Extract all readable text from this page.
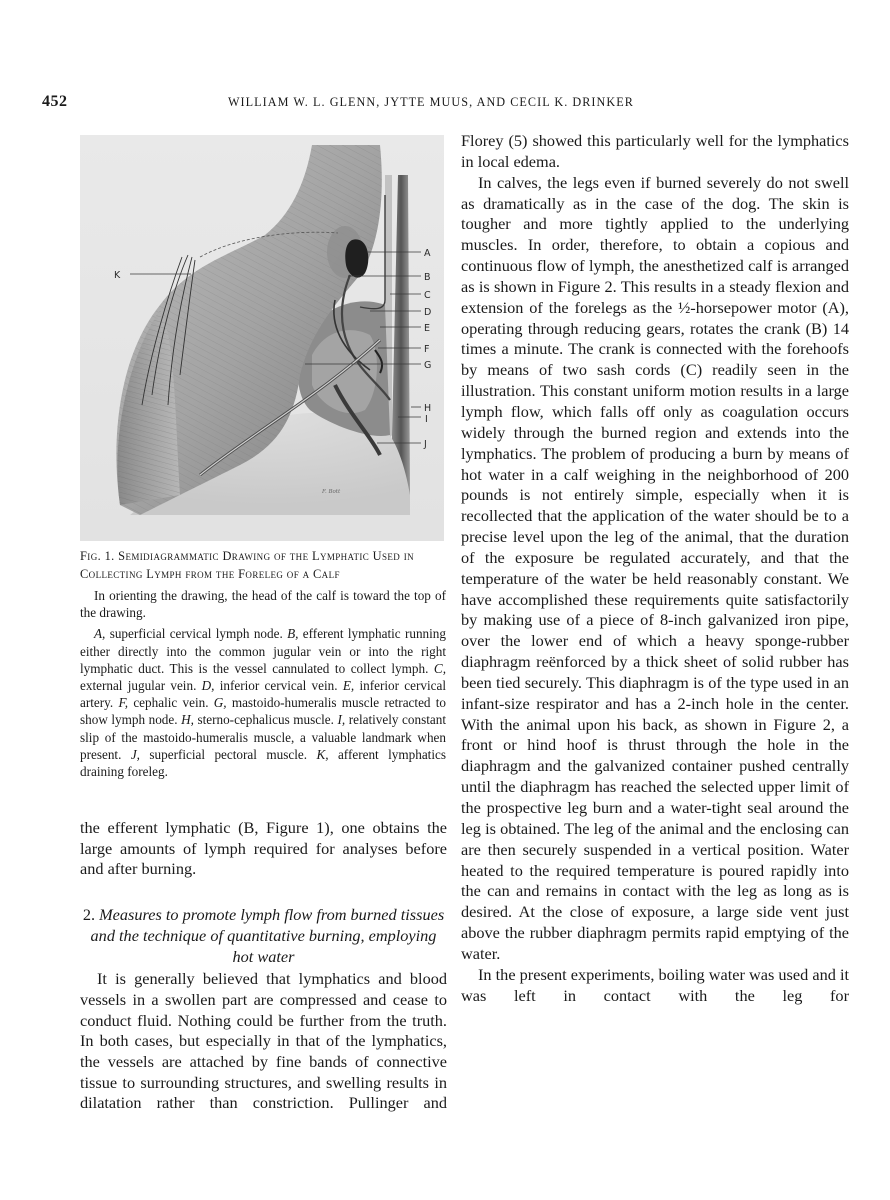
452	WILLIAM W. L. GLENN, JYTTE MUUS, AND CECIL K. DRINKER
A
B
C
D
E
F
G
H
I
J
K
F. Bott
Fig. 1. Semidiagrammatic Drawing of the Lymphatic Used in Collecting Lymph from the Foreleg of a Calf
In orienting the drawing, the head of the calf is toward the top of the drawing.
A, superficial cervical lymph node. B, efferent lymphatic running either directly into the common jugular vein or into the right lymphatic duct. This is the vessel cannulated to collect lymph. C, external jugular vein. D, inferior cervical vein. E, inferior cervical artery. F, cephalic vein. G, mastoido-humeralis muscle retracted to show lymph node. H, sterno-cephalicus muscle. I, relatively constant slip of the mastoido-humeralis muscle, a valuable landmark when present. J, superficial pectoral muscle. K, afferent lymphatics draining foreleg.

the efferent lymphatic (B, Figure 1), one obtains the large amounts of lymph required for analyses before and after burning.

2. Measures to promote lymph flow from burned tissues and the technique of quantitative burning, employing hot water

It is generally believed that lymphatics and blood vessels in a swollen part are compressed and cease to conduct fluid. Nothing could be further from the truth. In both cases, but especially in that of the lymphatics, the vessels are attached by fine bands of connective tissue to surrounding structures, and swelling results in dilatation rather than constriction. Pullinger and

Florey (5) showed this particularly well for the lymphatics in local edema.

In calves, the legs even if burned severely do not swell as dramatically as in the case of the dog. The skin is tougher and more tightly applied to the underlying muscles. In order, therefore, to obtain a copious and continuous flow of lymph, the anesthetized calf is arranged as is shown in Figure 2. This results in a steady flexion and extension of the forelegs as the ½-horsepower motor (A), operating through reducing gears, rotates the crank (B) 14 times a minute. The crank is connected with the forehoofs by means of two sash cords (C) readily seen in the illustration. This constant uniform motion results in a large lymph flow, which falls off only as coagulation occurs widely through the burned region and extends into the lymphatics. The problem of producing a burn by means of hot water in a calf weighing in the neighborhood of 200 pounds is not entirely simple, especially when it is recollected that the application of the water should be to a precise level upon the leg of the animal, that the duration of the exposure be regulated accurately, and that the temperature of the water be held reasonably constant. We have accomplished these requirements quite satisfactorily by making use of a piece of 8-inch galvanized iron pipe, over the lower end of which a heavy sponge-rubber diaphragm reënforced by a thick sheet of solid rubber has been tied securely. This diaphragm is of the type used in an infant-size respirator and has a 2-inch hole in the center. With the animal upon his back, as shown in Figure 2, a front or hind hoof is thrust through the hole in the diaphragm and the galvanized container pushed centrally until the diaphragm has reached the selected upper limit of the prospective leg burn and a water-tight seal around the leg is obtained. The leg of the animal and the enclosing can are then securely suspended in a vertical position. Water heated to the required temperature is poured rapidly into the can and remains in contact with the leg as long as is desired. At the close of exposure, a large side vent just above the rubber diaphragm permits rapid emptying of the water.

In the present experiments, boiling water was used and it was left in contact with the leg for
